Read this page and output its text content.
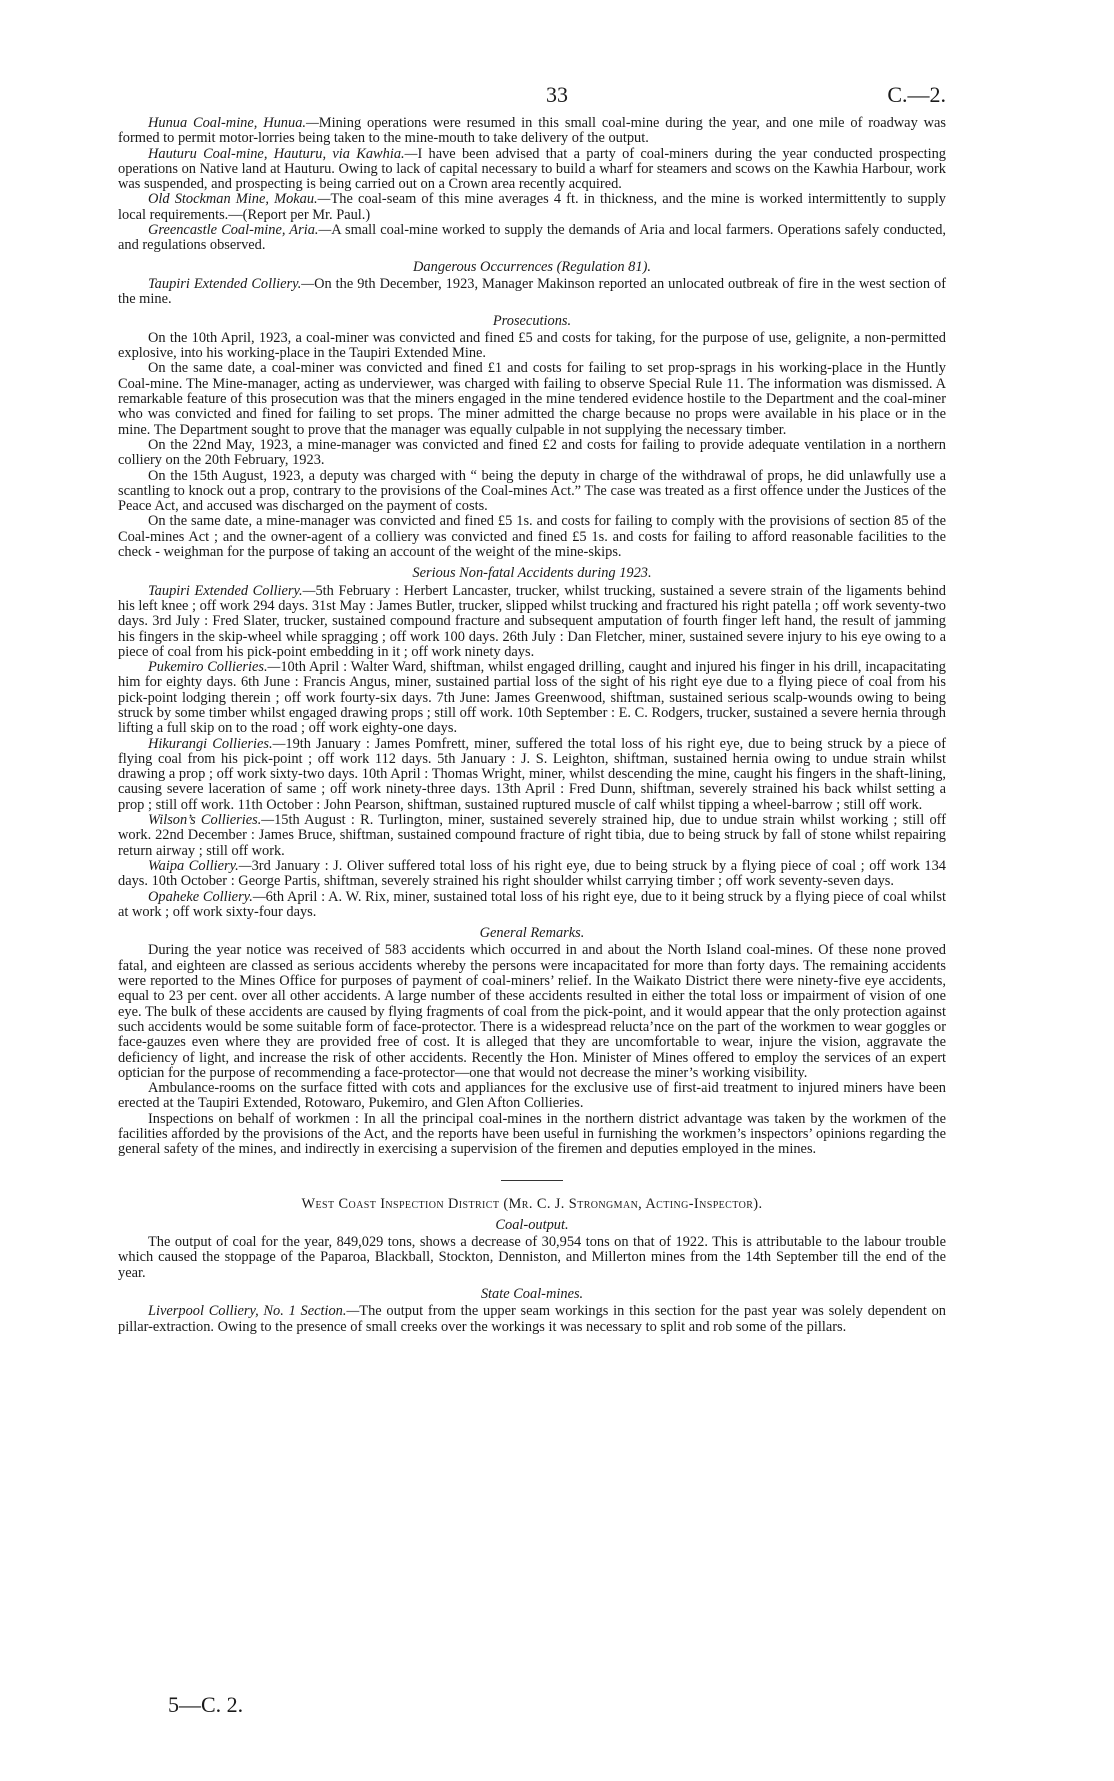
33	C.—2.

Hunua Coal-mine, Hunua.—Mining operations were resumed in this small coal-mine during the year, and one mile of roadway was formed to permit motor-lorries being taken to the mine-mouth to take delivery of the output.

Hauturu Coal-mine, Hauturu, via Kawhia.—I have been advised that a party of coal-miners during the year conducted prospecting operations on Native land at Hauturu. Owing to lack of capital necessary to build a wharf for steamers and scows on the Kawhia Harbour, work was suspended, and prospecting is being carried out on a Crown area recently acquired.

Old Stockman Mine, Mokau.—The coal-seam of this mine averages 4 ft. in thickness, and the mine is worked intermittently to supply local requirements.—(Report per Mr. Paul.)

Greencastle Coal-mine, Aria.—A small coal-mine worked to supply the demands of Aria and local farmers. Operations safely conducted, and regulations observed.

Dangerous Occurrences (Regulation 81).

Taupiri Extended Colliery.—On the 9th December, 1923, Manager Makinson reported an unlocated outbreak of fire in the west section of the mine.

Prosecutions.

On the 10th April, 1923, a coal-miner was convicted and fined £5 and costs for taking, for the purpose of use, gelignite, a non-permitted explosive, into his working-place in the Taupiri Extended Mine.

On the same date, a coal-miner was convicted and fined £1 and costs for failing to set prop-sprags in his working-place in the Huntly Coal-mine. The Mine-manager, acting as underviewer, was charged with failing to observe Special Rule 11. The information was dismissed. A remarkable feature of this prosecution was that the miners engaged in the mine tendered evidence hostile to the Department and the coal-miner who was convicted and fined for failing to set props. The miner admitted the charge because no props were available in his place or in the mine. The Department sought to prove that the manager was equally culpable in not supplying the necessary timber.

On the 22nd May, 1923, a mine-manager was convicted and fined £2 and costs for failing to provide adequate ventilation in a northern colliery on the 20th February, 1923.

On the 15th August, 1923, a deputy was charged with “ being the deputy in charge of the withdrawal of props, he did unlawfully use a scantling to knock out a prop, contrary to the provisions of the Coal-mines Act.” The case was treated as a first offence under the Justices of the Peace Act, and accused was discharged on the payment of costs.

On the same date, a mine-manager was convicted and fined £5 1s. and costs for failing to comply with the provisions of section 85 of the Coal-mines Act ; and the owner-agent of a colliery was convicted and fined £5 1s. and costs for failing to afford reasonable facilities to the check - weighman for the purpose of taking an account of the weight of the mine-skips.

Serious Non-fatal Accidents during 1923.

Taupiri Extended Colliery.—5th February : Herbert Lancaster, trucker, whilst trucking, sustained a severe strain of the ligaments behind his left knee ; off work 294 days. 31st May : James Butler, trucker, slipped whilst trucking and fractured his right patella ; off work seventy-two days. 3rd July : Fred Slater, trucker, sustained compound fracture and subsequent amputation of fourth finger left hand, the result of jamming his fingers in the skip-wheel while spragging ; off work 100 days. 26th July : Dan Fletcher, miner, sustained severe injury to his eye owing to a piece of coal from his pick-point embedding in it ; off work ninety days.

Pukemiro Collieries.—10th April : Walter Ward, shiftman, whilst engaged drilling, caught and injured his finger in his drill, incapacitating him for eighty days. 6th June : Francis Angus, miner, sustained partial loss of the sight of his right eye due to a flying piece of coal from his pick-point lodging therein ; off work fourty-six days. 7th June: James Greenwood, shiftman, sustained serious scalp-wounds owing to being struck by some timber whilst engaged drawing props ; still off work. 10th September : E. C. Rodgers, trucker, sustained a severe hernia through lifting a full skip on to the road ; off work eighty-one days.

Hikurangi Collieries.—19th January : James Pomfrett, miner, suffered the total loss of his right eye, due to being struck by a piece of flying coal from his pick-point ; off work 112 days. 5th January : J. S. Leighton, shiftman, sustained hernia owing to undue strain whilst drawing a prop ; off work sixty-two days. 10th April : Thomas Wright, miner, whilst descending the mine, caught his fingers in the shaft-lining, causing severe laceration of same ; off work ninety-three days. 13th April : Fred Dunn, shiftman, severely strained his back whilst setting a prop ; still off work. 11th October : John Pearson, shiftman, sustained ruptured muscle of calf whilst tipping a wheel-barrow ; still off work.

Wilson’s Collieries.—15th August : R. Turlington, miner, sustained severely strained hip, due to undue strain whilst working ; still off work. 22nd December : James Bruce, shiftman, sustained compound fracture of right tibia, due to being struck by fall of stone whilst repairing return airway ; still off work.

Waipa Colliery.—3rd January : J. Oliver suffered total loss of his right eye, due to being struck by a flying piece of coal ; off work 134 days. 10th October : George Partis, shiftman, severely strained his right shoulder whilst carrying timber ; off work seventy-seven days.

Opaheke Colliery.—6th April : A. W. Rix, miner, sustained total loss of his right eye, due to it being struck by a flying piece of coal whilst at work ; off work sixty-four days.

General Remarks.

During the year notice was received of 583 accidents which occurred in and about the North Island coal-mines. Of these none proved fatal, and eighteen are classed as serious accidents whereby the persons were incapacitated for more than forty days. The remaining accidents were reported to the Mines Office for purposes of payment of coal-miners’ relief. In the Waikato District there were ninety-five eye accidents, equal to 23 per cent. over all other accidents. A large number of these accidents resulted in either the total loss or impairment of vision of one eye. The bulk of these accidents are caused by flying fragments of coal from the pick-point, and it would appear that the only protection against such accidents would be some suitable form of face-protector. There is a widespread relucta’nce on the part of the workmen to wear goggles or face-gauzes even where they are provided free of cost. It is alleged that they are uncomfortable to wear, injure the vision, aggravate the deficiency of light, and increase the risk of other accidents. Recently the Hon. Minister of Mines offered to employ the services of an expert optician for the purpose of recommending a face-protector—one that would not decrease the miner’s working visibility.

Ambulance-rooms on the surface fitted with cots and appliances for the exclusive use of first-aid treatment to injured miners have been erected at the Taupiri Extended, Rotowaro, Pukemiro, and Glen Afton Collieries.

Inspections on behalf of workmen : In all the principal coal-mines in the northern district advantage was taken by the workmen of the facilities afforded by the provisions of the Act, and the reports have been useful in furnishing the workmen’s inspectors’ opinions regarding the general safety of the mines, and indirectly in exercising a supervision of the firemen and deputies employed in the mines.

West Coast Inspection District (Mr. C. J. Strongman, Acting-Inspector).

Coal-output.

The output of coal for the year, 849,029 tons, shows a decrease of 30,954 tons on that of 1922. This is attributable to the labour trouble which caused the stoppage of the Paparoa, Blackball, Stockton, Denniston, and Millerton mines from the 14th September till the end of the year.

State Coal-mines.

Liverpool Colliery, No. 1 Section.—The output from the upper seam workings in this section for the past year was solely dependent on pillar-extraction. Owing to the presence of small creeks over the workings it was necessary to split and rob some of the pillars.

5—C. 2.
